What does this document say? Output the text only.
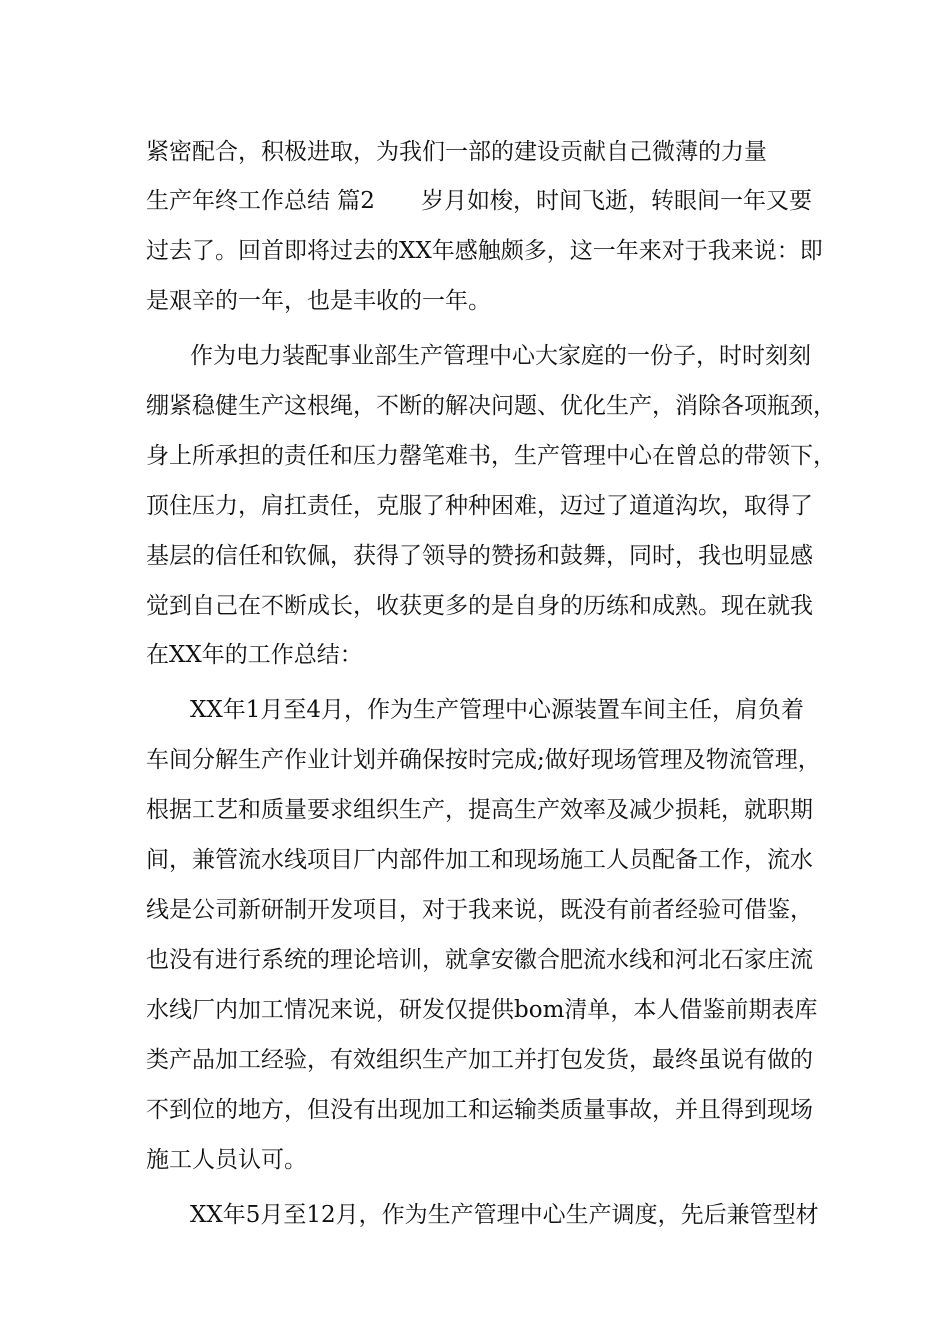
紧密配合，积极进取，为我们一部的建设贡献自己微薄的力量

生产年终工作总结 篇2　　岁月如梭，时间飞逝，转眼间一年又要

过去了。回首即将过去的XX年感触颇多，这一年来对于我来说：即

是艰辛的一年，也是丰收的一年。

作为电力装配事业部生产管理中心大家庭的一份子，时时刻刻

绷紧稳健生产这根绳，不断的解决问题、优化生产，消除各项瓶颈，

身上所承担的责任和压力罄笔难书，生产管理中心在曾总的带领下，

顶住压力，肩扛责任，克服了种种困难，迈过了道道沟坎，取得了

基层的信任和钦佩，获得了领导的赞扬和鼓舞，同时，我也明显感

觉到自己在不断成长，收获更多的是自身的历练和成熟。现在就我

在XX年的工作总结：

XX年1月至4月，作为生产管理中心源装置车间主任，肩负着

车间分解生产作业计划并确保按时完成;做好现场管理及物流管理，

根据工艺和质量要求组织生产，提高生产效率及减少损耗，就职期

间，兼管流水线项目厂内部件加工和现场施工人员配备工作，流水

线是公司新研制开发项目，对于我来说，既没有前者经验可借鉴，

也没有进行系统的理论培训，就拿安徽合肥流水线和河北石家庄流

水线厂内加工情况来说，研发仅提供bom清单，本人借鉴前期表库

类产品加工经验，有效组织生产加工并打包发货，最终虽说有做的

不到位的地方，但没有出现加工和运输类质量事故，并且得到现场

施工人员认可。

XX年5月至12月，作为生产管理中心生产调度，先后兼管型材
